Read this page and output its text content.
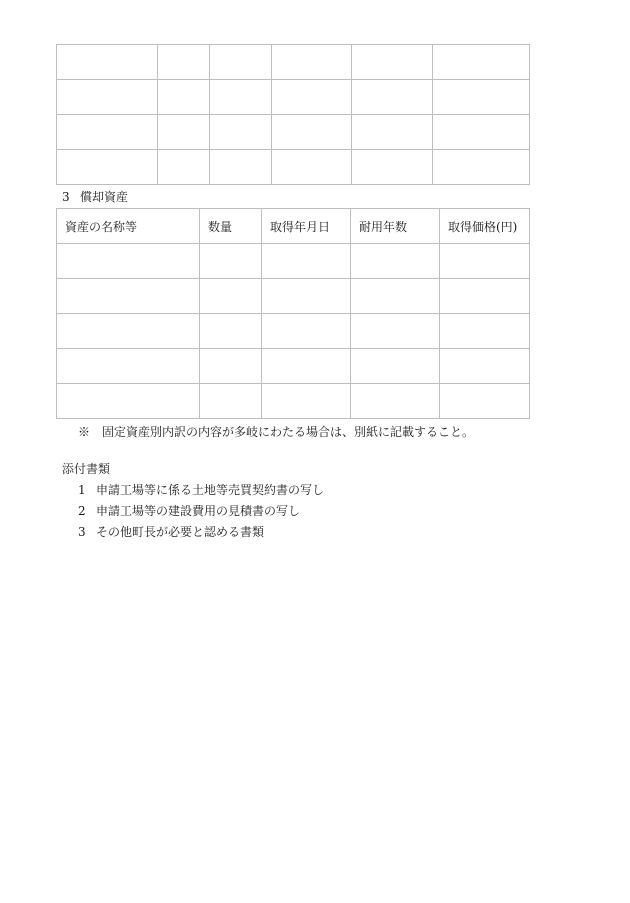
3 償却資産
資産の名称等	数量	取得年月日	耐用年数	取得価格(円)

※　固定資産別内訳の内容が多岐にわたる場合は、別紙に記載すること。
添付書類
1 申請工場等に係る土地等売買契約書の写し
2 申請工場等の建設費用の見積書の写し
3 その他町長が必要と認める書類
